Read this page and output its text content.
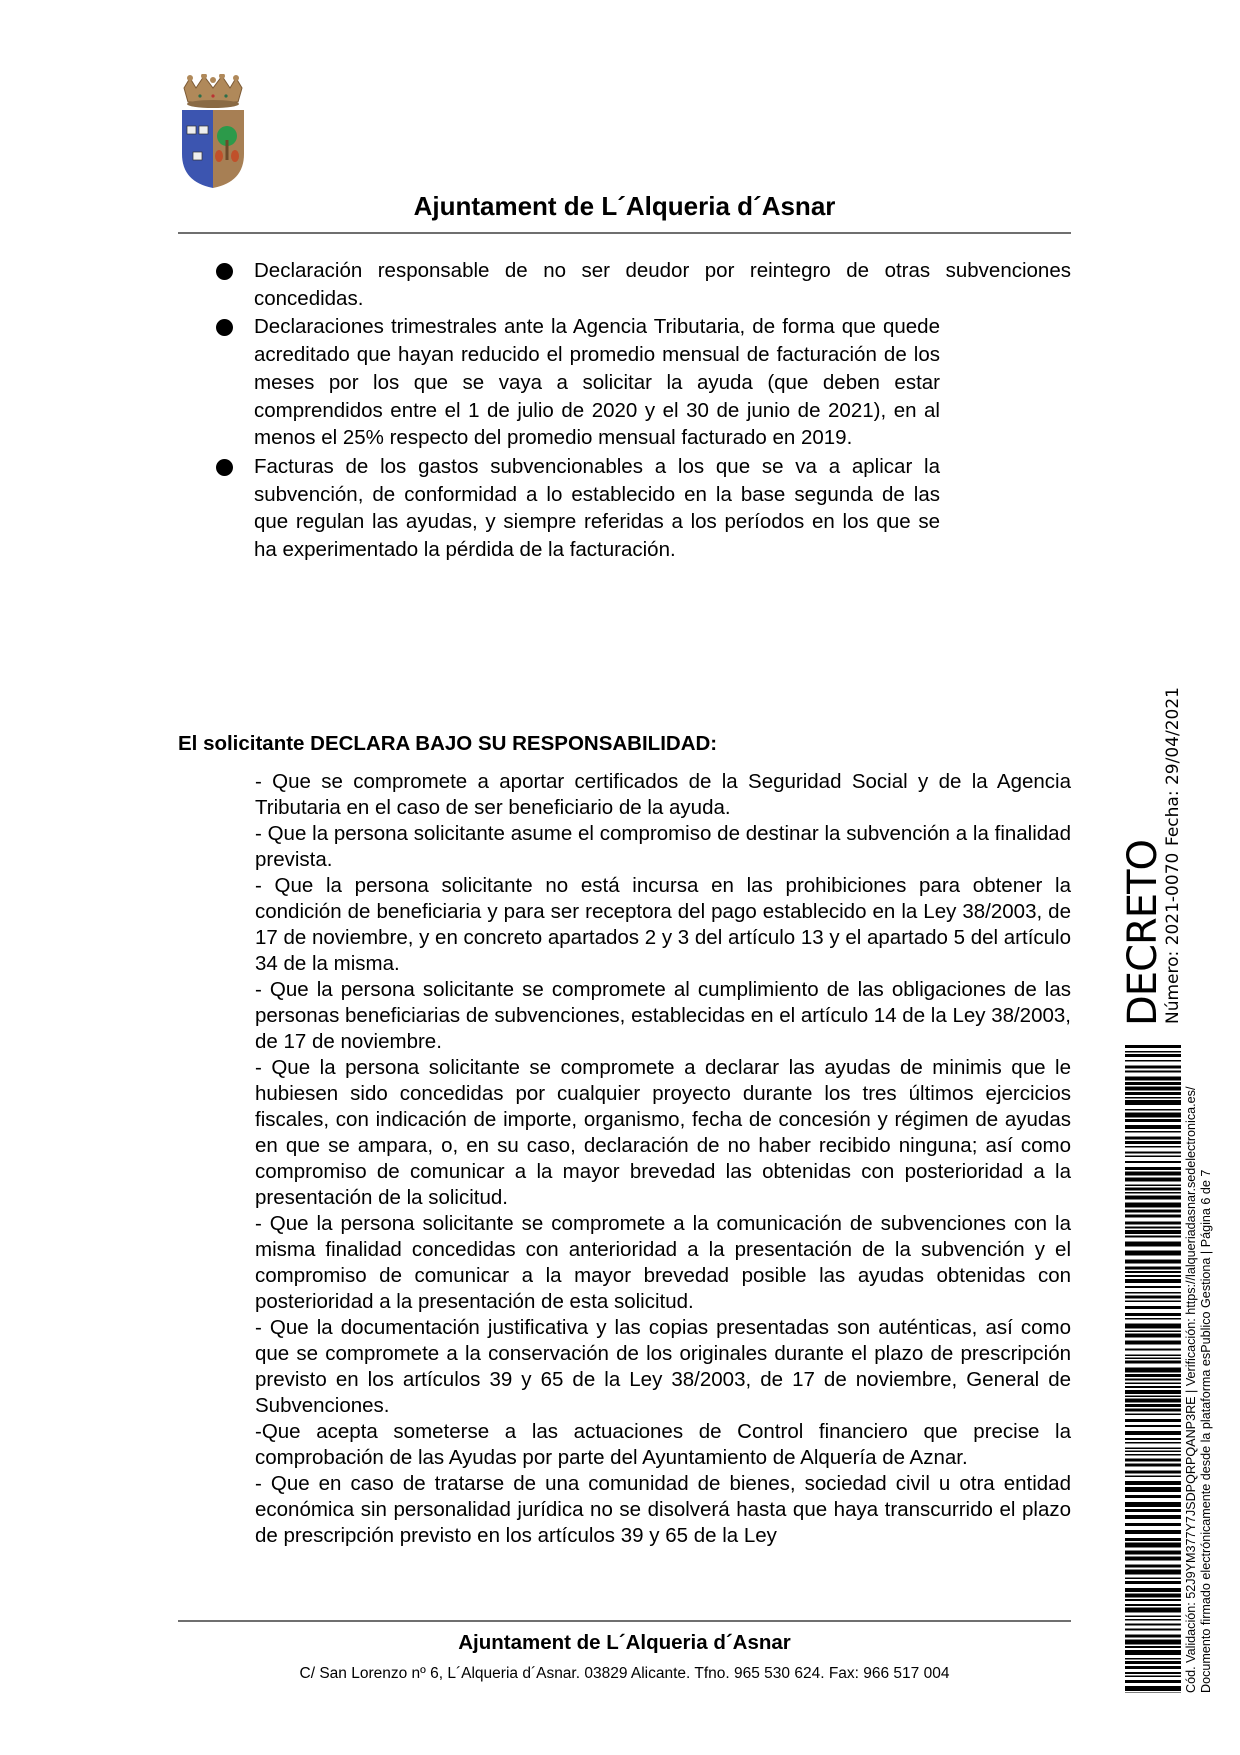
Ajuntament de L´Alqueria d´Asnar
Declaración responsable de no ser deudor por reintegro de otras subvenciones concedidas.
Declaraciones trimestrales ante la Agencia Tributaria, de forma que quede acreditado que hayan reducido el promedio mensual de facturación de los meses por los que se vaya a solicitar la ayuda (que deben estar comprendidos entre el 1 de julio de 2020 y el 30 de junio de 2021), en al menos el 25% respecto del promedio mensual facturado en 2019.
Facturas de los gastos subvencionables a los que se va a aplicar la subvención, de conformidad a lo establecido en la base segunda de las que regulan las ayudas, y siempre referidas a los períodos en los que se ha experimentado la pérdida de la facturación.
El solicitante DECLARA BAJO SU RESPONSABILIDAD:
- Que se compromete a aportar certificados de la Seguridad Social y de la Agencia Tributaria en el caso de ser beneficiario de la ayuda.
- Que la persona solicitante asume el compromiso de destinar la subvención a la finalidad prevista.
- Que la persona solicitante no está incursa en las prohibiciones para obtener la condición de beneficiaria y para ser receptora del pago establecido en la Ley 38/2003, de 17 de noviembre, y en concreto apartados 2 y 3 del artículo 13 y el apartado 5 del artículo 34 de la misma.
- Que la persona solicitante se compromete al cumplimiento de las obligaciones de las personas beneficiarias de subvenciones, establecidas en el artículo 14 de la Ley 38/2003, de 17 de noviembre.
- Que la persona solicitante se compromete a declarar las ayudas de minimis que le hubiesen sido concedidas por cualquier proyecto durante los tres últimos ejercicios fiscales, con indicación de importe, organismo, fecha de concesión y régimen de ayudas en que se ampara, o, en su caso, declaración de no haber recibido ninguna; así como compromiso de comunicar a la mayor brevedad las obtenidas con posterioridad a la presentación de la solicitud.
- Que la persona solicitante se compromete a la comunicación de subvenciones con la misma finalidad concedidas con anterioridad a la presentación de la subvención y el compromiso de comunicar a la mayor brevedad posible las ayudas obtenidas con posterioridad a la presentación de esta solicitud.
- Que la documentación justificativa y las copias presentadas son auténticas, así como que se compromete a la conservación de los originales durante el plazo de prescripción previsto en los artículos 39 y 65 de la Ley 38/2003, de 17 de noviembre, General de Subvenciones.
-Que acepta someterse a las actuaciones de Control financiero que precise la comprobación de las Ayudas por parte del Ayuntamiento de Alquería de Aznar.
- Que en caso de tratarse de una comunidad de bienes, sociedad civil u otra entidad económica sin personalidad jurídica no se disolverá hasta que haya transcurrido el plazo de prescripción previsto en los artículos 39 y 65 de la Ley
Ajuntament de L´Alqueria d´Asnar
C/ San Lorenzo nº 6, L´Alqueria d´Asnar. 03829 Alicante. Tfno. 965 530 624. Fax: 966 517 004
DECRETO
Número: 2021-0070
Fecha: 29/04/2021
Cód. Validación: 52J9YM377Y7JSDPQRPQANP3RE | Verificación: https://lalqueriadasnar.sedelectronica.es/ Documento firmado electrónicamente desde la plataforma esPublico Gestiona | Página 6 de 7
